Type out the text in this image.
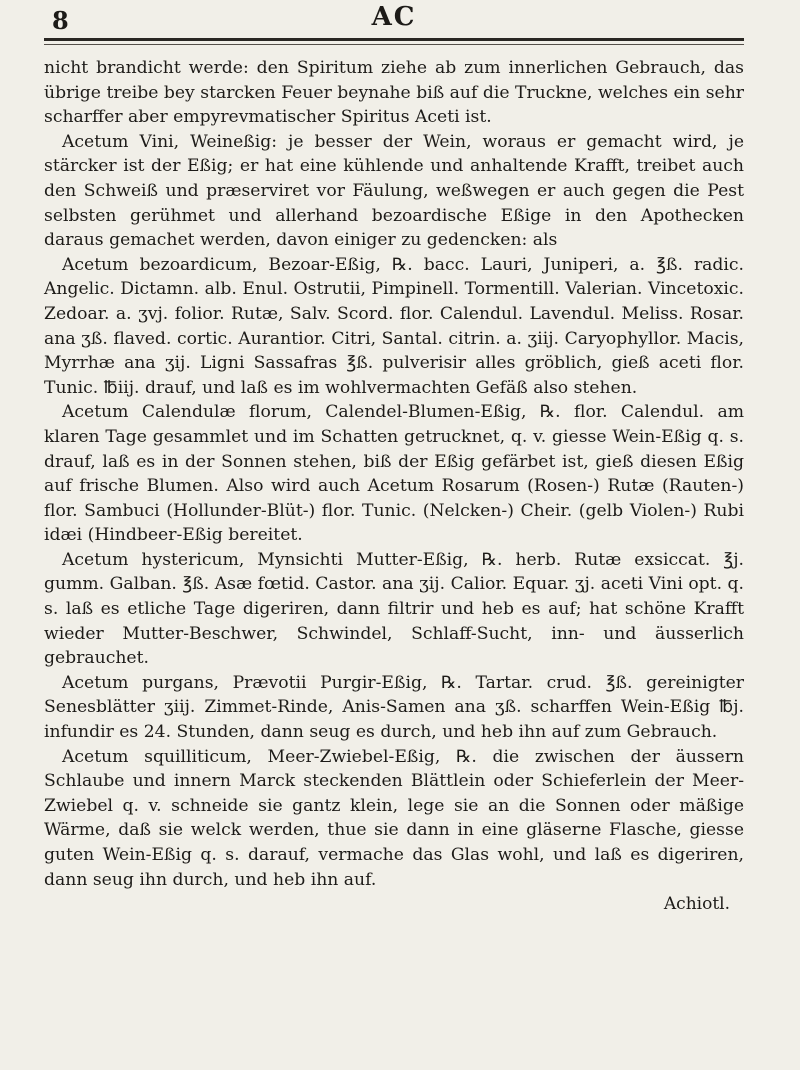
8	AC

nicht brandicht werde: den Spiritum ziehe ab zum innerlichen Gebrauch, das übrige treibe bey starcken Feuer beynahe biß auf die Truckne, welches ein sehr scharffer aber empyrevmatischer Spiritus Aceti ist.

Acetum Vini, Weineßig: je besser der Wein, woraus er gemacht wird, je stärcker ist der Eßig; er hat eine kühlende und anhaltende Krafft, treibet auch den Schweiß und præserviret vor Fäulung, weßwegen er auch gegen die Pest selbsten gerühmet und allerhand bezoardische Eßige in den Apothecken daraus gemachet werden, davon einiger zu gedencken: als

Acetum bezoardicum, Bezoar-Eßig, ℞. bacc. Lauri, Juniperi, a. ℥ß. radic. Angelic. Dictamn. alb. Enul. Ostrutii, Pimpinell. Tormentill. Valerian. Vincetoxic. Zedoar. a. ʒvj. folior. Rutæ, Salv. Scord. flor. Calendul. Lavendul. Meliss. Rosar. ana ʒß. flaved. cortic. Aurantior. Citri, Santal. citrin. a. ʒiij. Caryophyllor. Macis, Myrrhæ ana ʒij. Ligni Sassafras ℥ß. pulverisir alles gröblich, gieß aceti flor. Tunic. ℔iij. drauf, und laß es im wohlvermachten Gefäß also stehen.

Acetum Calendulæ florum, Calendel-Blumen-Eßig, ℞. flor. Calendul. am klaren Tage gesammlet und im Schatten getrucknet, q. v. giesse Wein-Eßig q. s. drauf, laß es in der Sonnen stehen, biß der Eßig gefärbet ist, gieß diesen Eßig auf frische Blumen. Also wird auch Acetum Rosarum (Rosen-) Rutæ (Rauten-) flor. Sambuci (Hollunder-Blüt-) flor. Tunic. (Nelcken-) Cheir. (gelb Violen-) Rubi idæi (Hindbeer-Eßig bereitet.

Acetum hystericum, Mynsichti Mutter-Eßig, ℞. herb. Rutæ exsiccat. ℥j. gumm. Galban. ℥ß. Asæ fœtid. Castor. ana ʒij. Calior. Equar. ʒj. aceti Vini opt. q. s. laß es etliche Tage digeriren, dann filtrir und heb es auf; hat schöne Krafft wieder Mutter-Beschwer, Schwindel, Schlaff-Sucht, inn- und äusserlich gebrauchet.

Acetum purgans, Prævotii Purgir-Eßig, ℞. Tartar. crud. ℥ß. gereinigter Senesblätter ʒiij. Zimmet-Rinde, Anis-Samen ana ʒß. scharffen Wein-Eßig ℔j. infundir es 24. Stunden, dann seug es durch, und heb ihn auf zum Gebrauch.

Acetum squilliticum, Meer-Zwiebel-Eßig, ℞. die zwischen der äussern Schlaube und innern Marck steckenden Blättlein oder Schieferlein der Meer-Zwiebel q. v. schneide sie gantz klein, lege sie an die Sonnen oder mäßige Wärme, daß sie welck werden, thue sie dann in eine gläserne Flasche, giesse guten Wein-Eßig q. s. darauf, vermache das Glas wohl, und laß es digeriren, dann seug ihn durch, und heb ihn auf.

Achiotl.
